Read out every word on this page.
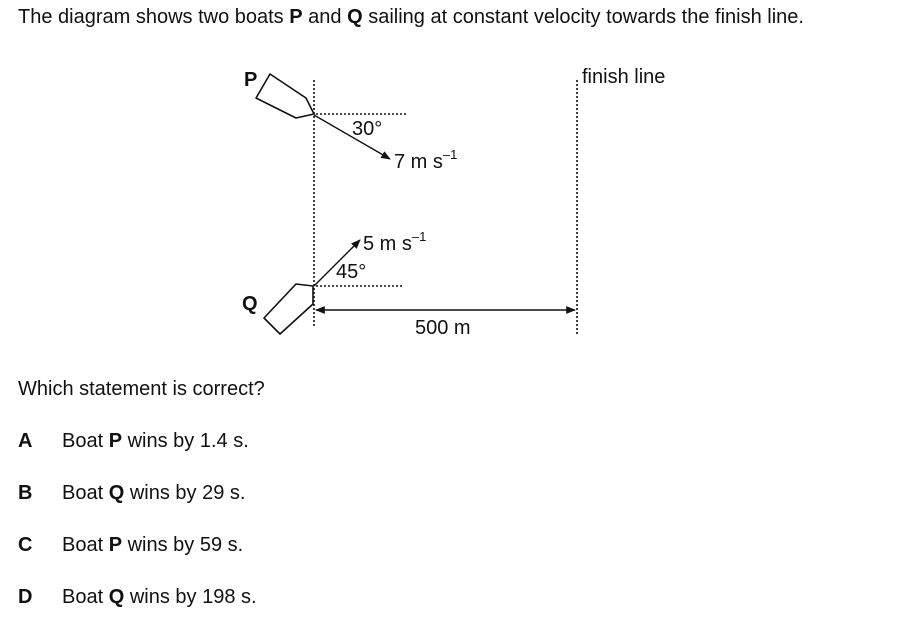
The diagram shows two boats P and Q sailing at constant velocity towards the finish line.
finish line
P
30°
7 m $s^{-1}$
Q
45°
5 m $s^{-1}$
500 m
Which statement is correct?
A Boat P wins by 1.4 s.
B Boat Q wins by 29 s.
C Boat P wins by 59 s.
D Boat Q wins by 198 s.
